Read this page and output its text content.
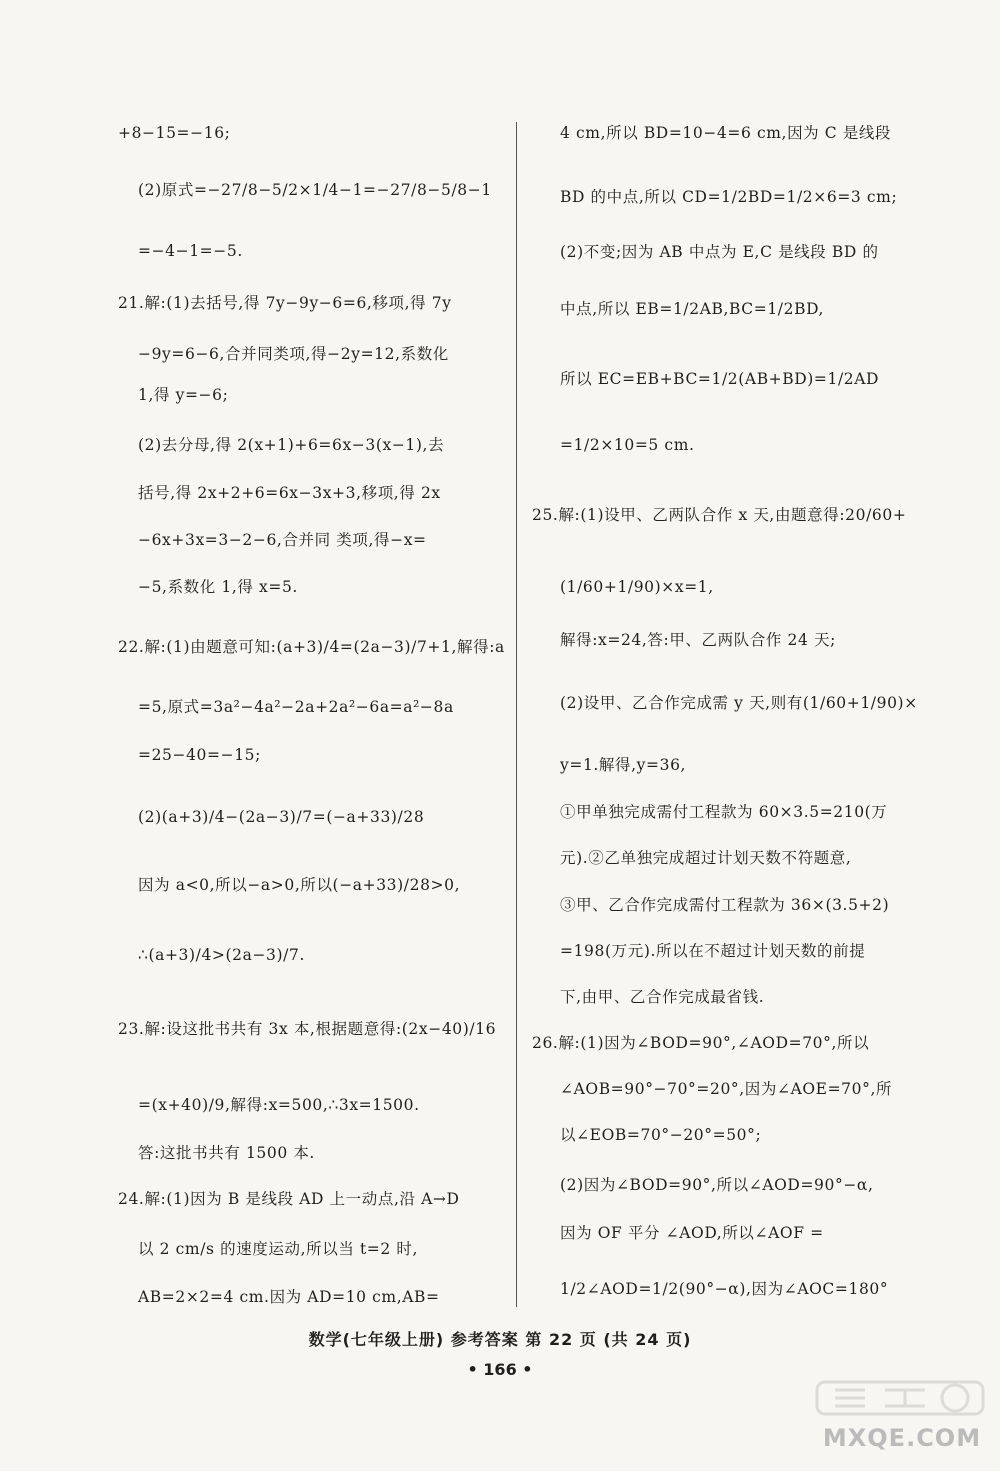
+8−15=−16;
(2)原式=−27/8−5/2×1/4−1=−27/8−5/8−1
=−4−1=−5.
21.解:(1)去括号,得 7y−9y−6=6,移项,得 7y
−9y=6−6,合并同类项,得−2y=12,系数化
1,得 y=−6;
(2)去分母,得 2(x+1)+6=6x−3(x−1),去
括号,得 2x+2+6=6x−3x+3,移项,得 2x
−6x+3x=3−2−6,合并同 类项,得−x=
−5,系数化 1,得 x=5.
22.解:(1)由题意可知:(a+3)/4=(2a−3)/7+1,解得:a
=5,原式=3a²−4a²−2a+2a²−6a=a²−8a
=25−40=−15;
(2)(a+3)/4−(2a−3)/7=(−a+33)/28
因为 a<0,所以−a>0,所以(−a+33)/28>0,
∴(a+3)/4>(2a−3)/7.
23.解:设这批书共有 3x 本,根据题意得:(2x−40)/16
=(x+40)/9,解得:x=500,∴3x=1500.
答:这批书共有 1500 本.
24.解:(1)因为 B 是线段 AD 上一动点,沿 A→D
以 2 cm/s 的速度运动,所以当 t=2 时,
AB=2×2=4 cm.因为 AD=10 cm,AB=
4 cm,所以 BD=10−4=6 cm,因为 C 是线段
BD 的中点,所以 CD=1/2BD=1/2×6=3 cm;
(2)不变;因为 AB 中点为 E,C 是线段 BD 的
中点,所以 EB=1/2AB,BC=1/2BD,
所以 EC=EB+BC=1/2(AB+BD)=1/2AD
=1/2×10=5 cm.
25.解:(1)设甲、乙两队合作 x 天,由题意得:20/60+
(1/60+1/90)×x=1,
解得:x=24,答:甲、乙两队合作 24 天;
(2)设甲、乙合作完成需 y 天,则有(1/60+1/90)×
y=1.解得,y=36,
①甲单独完成需付工程款为 60×3.5=210(万
元).②乙单独完成超过计划天数不符题意,
③甲、乙合作完成需付工程款为 36×(3.5+2)
=198(万元).所以在不超过计划天数的前提
下,由甲、乙合作完成最省钱.
26.解:(1)因为∠BOD=90°,∠AOD=70°,所以
∠AOB=90°−70°=20°,因为∠AOE=70°,所
以∠EOB=70°−20°=50°;
(2)因为∠BOD=90°,所以∠AOD=90°−α,
因为 OF 平分 ∠AOD,所以∠AOF =
1/2∠AOD=1/2(90°−α),因为∠AOC=180°
数学(七年级上册) 参考答案 第 22 页 (共 24 页)
• 166 •
MXQE.COM
